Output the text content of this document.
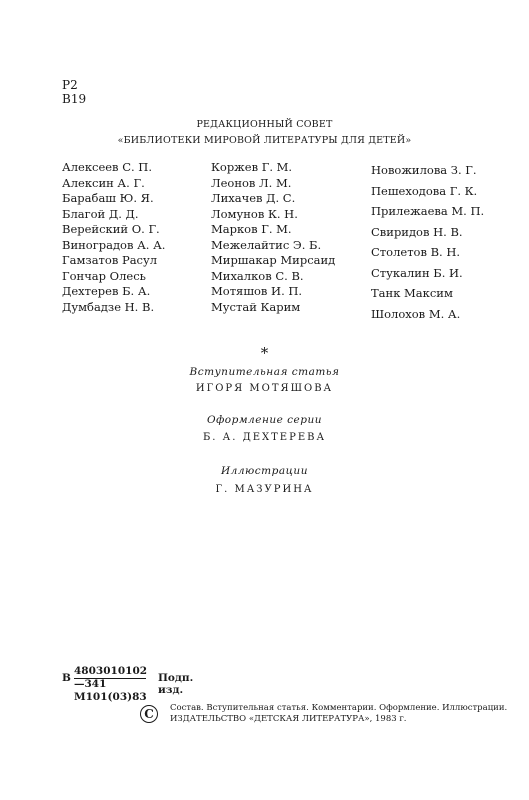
Р2
В19
РЕДАКЦИОННЫЙ СОВЕТ
«БИБЛИОТЕКИ МИРОВОЙ ЛИТЕРАТУРЫ ДЛЯ ДЕТЕЙ»
Алексеев С. П.
Алексин А. Г.
Барабаш Ю. Я.
Благой Д. Д.
Верейский О. Г.
Виноградов А. А.
Гамзатов Расул
Гончар Олесь
Дехтерев Б. А.
Думбадзе Н. В.
Коржев Г. М.
Леонов Л. М.
Лихачев Д. С.
Ломунов К. Н.
Марков Г. М.
Межелайтис Э. Б.
Миршакар Мирсаид
Михалков С. В.
Мотяшов И. П.
Мустай Карим
Новожилова З. Г.
Пешеходова Г. К.
Прилежаева М. П.
Свиридов Н. В.
Столетов В. Н.
Стукалин Б. И.
Танк Максим
Шолохов М. А.
*
Вступительная статья
ИГОРЯ МОТЯШОВА
Оформление серии
Б. А. ДЕХТЕРЕВА
Иллюстрации
Г. МАЗУРИНА
В
4803010102—341
М101(03)83
Подп. изд.
C	Состав. Вступительная статья. Комментарии. Оформление. Иллюстрации.
ИЗДАТЕЛЬСТВО «ДЕТСКАЯ ЛИТЕРАТУРА», 1983 г.
